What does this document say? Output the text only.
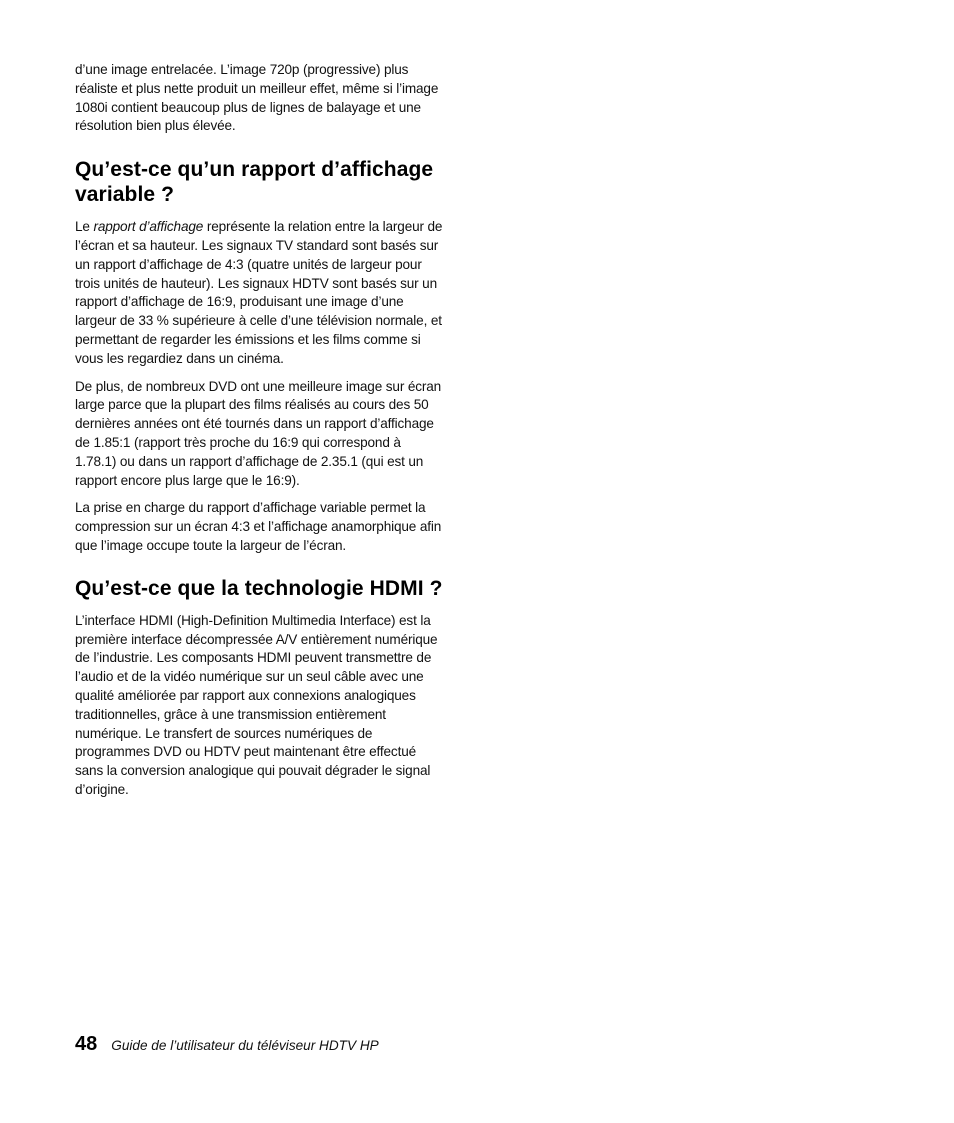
d’une image entrelacée. L’image 720p (progressive) plus réaliste et plus nette produit un meilleur effet, même si l’image 1080i contient beaucoup plus de lignes de balayage et une résolution bien plus élevée.

Qu’est-ce qu’un rapport d’affichage variable ?

Le rapport d’affichage représente la relation entre la largeur de l’écran et sa hauteur. Les signaux TV standard sont basés sur un rapport d’affichage de 4:3 (quatre unités de largeur pour trois unités de hauteur). Les signaux HDTV sont basés sur un rapport d’affichage de 16:9, produisant une image d’une largeur de 33 % supérieure à celle d’une télévision normale, et permettant de regarder les émissions et les films comme si vous les regardiez dans un cinéma.

De plus, de nombreux DVD ont une meilleure image sur écran large parce que la plupart des films réalisés au cours des 50 dernières années ont été tournés dans un rapport d’affichage de 1.85:1 (rapport très proche du 16:9 qui correspond à 1.78.1) ou dans un rapport d’affichage de 2.35.1 (qui est un rapport encore plus large que le 16:9).

La prise en charge du rapport d’affichage variable permet la compression sur un écran 4:3 et l’affichage anamorphique afin que l’image occupe toute la largeur de l’écran.

Qu’est-ce que la technologie HDMI ?

L’interface HDMI (High-Definition Multimedia Interface) est la première interface décompressée A/V entièrement numérique de l’industrie. Les composants HDMI peuvent transmettre de l’audio et de la vidéo numérique sur un seul câble avec une qualité améliorée par rapport aux connexions analogiques traditionnelles, grâce à une transmission entièrement numérique. Le transfert de sources numériques de programmes DVD ou HDTV peut maintenant être effectué sans la conversion analogique qui pouvait dégrader le signal d’origine.

48 Guide de l’utilisateur du téléviseur HDTV HP
